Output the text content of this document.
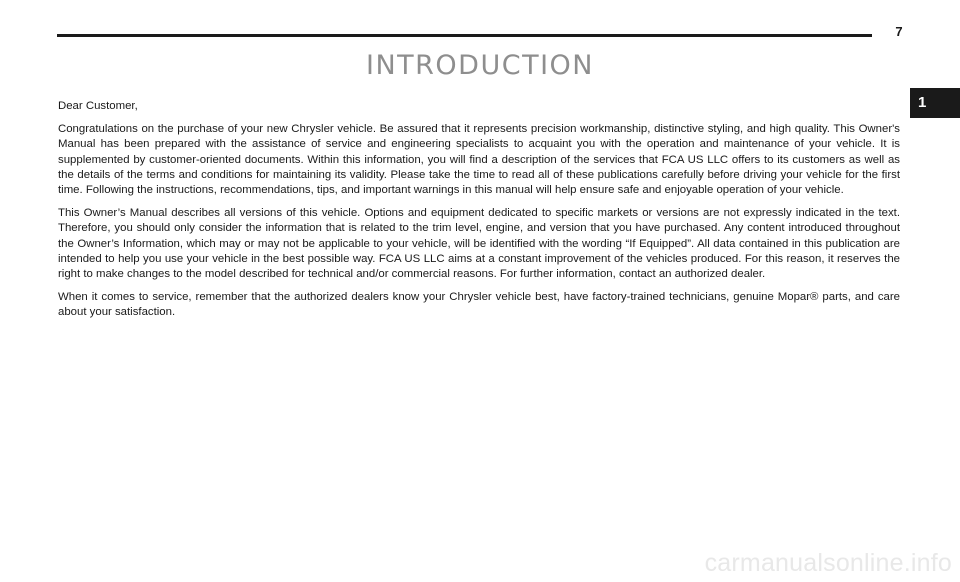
7
INTRODUCTION
1

Dear Customer,

Congratulations on the purchase of your new Chrysler vehicle. Be assured that it represents precision workmanship, distinctive styling, and high quality. This Owner's Manual has been prepared with the assistance of service and engineering specialists to acquaint you with the operation and maintenance of your vehicle. It is supplemented by customer-oriented documents. Within this information, you will find a description of the services that FCA US LLC offers to its customers as well as the details of the terms and conditions for maintaining its validity. Please take the time to read all of these publications carefully before driving your vehicle for the first time. Following the instructions, recommendations, tips, and important warnings in this manual will help ensure safe and enjoyable operation of your vehicle.

This Owner’s Manual describes all versions of this vehicle. Options and equipment dedicated to specific markets or versions are not expressly indicated in the text. Therefore, you should only consider the information that is related to the trim level, engine, and version that you have purchased. Any content introduced throughout the Owner’s Information, which may or may not be applicable to your vehicle, will be identified with the wording “If Equipped”. All data contained in this publication are intended to help you use your vehicle in the best possible way. FCA US LLC aims at a constant improvement of the vehicles produced. For this reason, it reserves the right to make changes to the model described for technical and/or commercial reasons. For further information, contact an authorized dealer.

When it comes to service, remember that the authorized dealers know your Chrysler vehicle best, have factory-trained technicians, genuine Mopar® parts, and care about your satisfaction.

carmanualsonline.info
